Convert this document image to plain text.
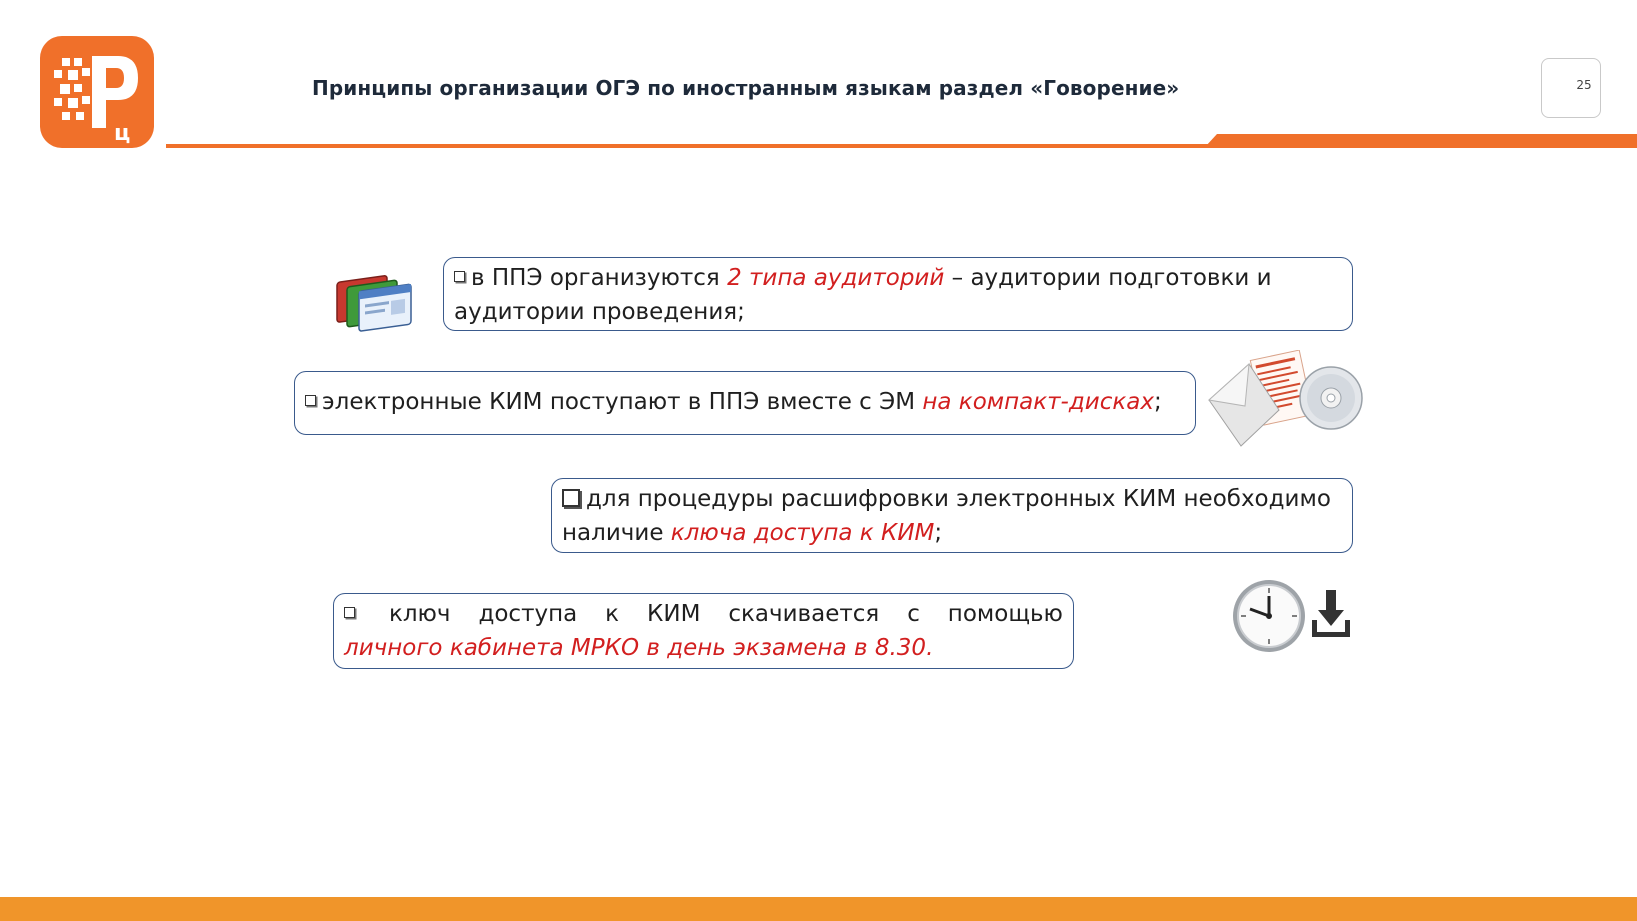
ц
Принципы организации ОГЭ по иностранным языкам раздел «Говорение»	25
в ППЭ организуются 2 типа аудиторий – аудитории подготовки и аудитории проведения;
электронные КИМ поступают в ППЭ вместе с ЭМ на компакт-дисках;
для процедуры расшифровки электронных КИМ необходимо наличие ключа доступа к КИМ;
ключ доступа к КИМ скачивается с помощью
личного кабинета МРКО в день экзамена в 8.30.
